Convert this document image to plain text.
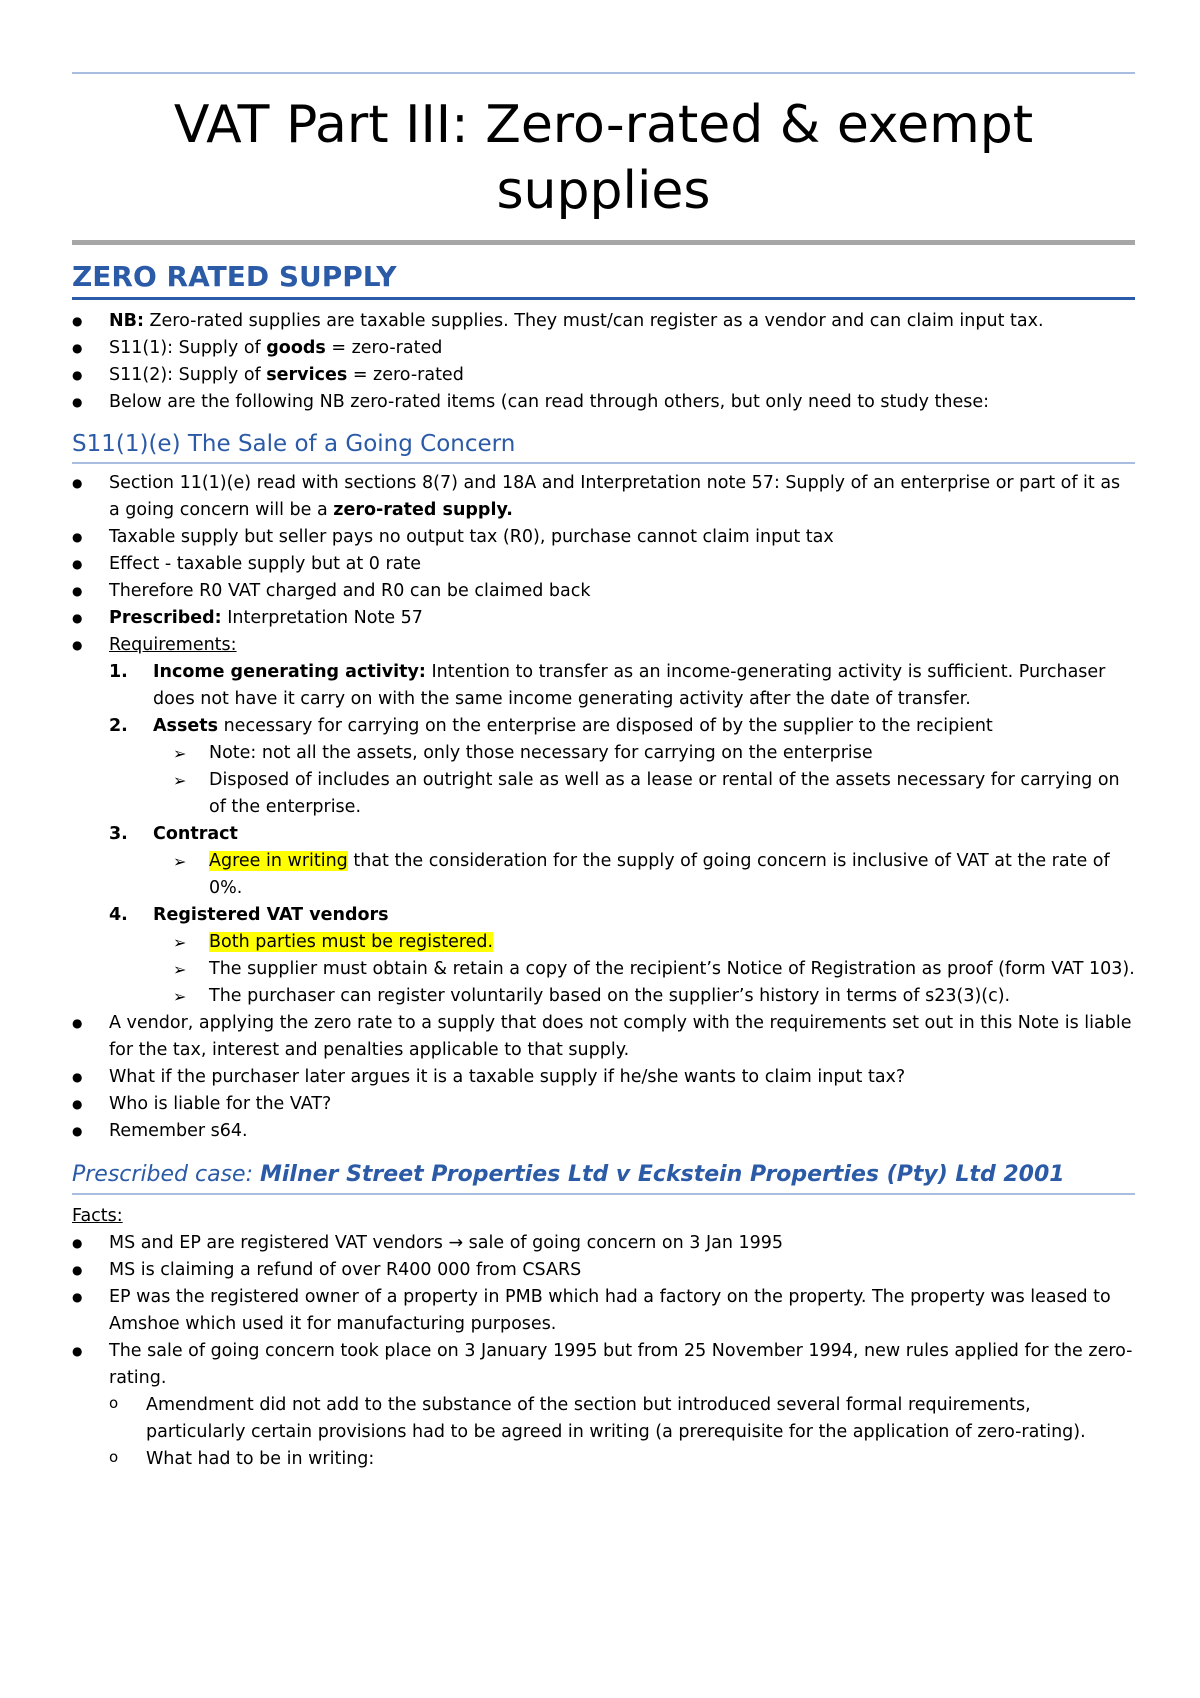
VAT Part III: Zero-rated & exempt supplies
ZERO RATED SUPPLY
● NB: Zero-rated supplies are taxable supplies. They must/can register as a vendor and can claim input tax.
● S11(1): Supply of goods = zero-rated
● S11(2): Supply of services = zero-rated
● Below are the following NB zero-rated items (can read through others, but only need to study these:
S11(1)(e) The Sale of a Going Concern
● Section 11(1)(e) read with sections 8(7) and 18A and Interpretation note 57: Supply of an enterprise or part of it as a going concern will be a zero-rated supply.
● Taxable supply but seller pays no output tax (R0), purchase cannot claim input tax
● Effect - taxable supply but at 0 rate
● Therefore R0 VAT charged and R0 can be claimed back
● Prescribed: Interpretation Note 57
● Requirements:
1. Income generating activity: Intention to transfer as an income-generating activity is sufficient. Purchaser does not have it carry on with the same income generating activity after the date of transfer.
2. Assets necessary for carrying on the enterprise are disposed of by the supplier to the recipient
➢ Note: not all the assets, only those necessary for carrying on the enterprise
➢ Disposed of includes an outright sale as well as a lease or rental of the assets necessary for carrying on of the enterprise.
3. Contract
➢ Agree in writing that the consideration for the supply of going concern is inclusive of VAT at the rate of 0%.
4. Registered VAT vendors
➢ Both parties must be registered.
➢ The supplier must obtain & retain a copy of the recipient’s Notice of Registration as proof (form VAT 103).
➢ The purchaser can register voluntarily based on the supplier’s history in terms of s23(3)(c).
● A vendor, applying the zero rate to a supply that does not comply with the requirements set out in this Note is liable for the tax, interest and penalties applicable to that supply.
● What if the purchaser later argues it is a taxable supply if he/she wants to claim input tax?
● Who is liable for the VAT?
● Remember s64.
Prescribed case: Milner Street Properties Ltd v Eckstein Properties (Pty) Ltd 2001

Facts:

● MS and EP are registered VAT vendors → sale of going concern on 3 Jan 1995
● MS is claiming a refund of over R400 000 from CSARS
● EP was the registered owner of a property in PMB which had a factory on the property. The property was leased to Amshoe which used it for manufacturing purposes.
● The sale of going concern took place on 3 January 1995 but from 25 November 1994, new rules applied for the zero-rating.
o Amendment did not add to the substance of the section but introduced several formal requirements, particularly certain provisions had to be agreed in writing (a prerequisite for the application of zero-rating).
o What had to be in writing:
